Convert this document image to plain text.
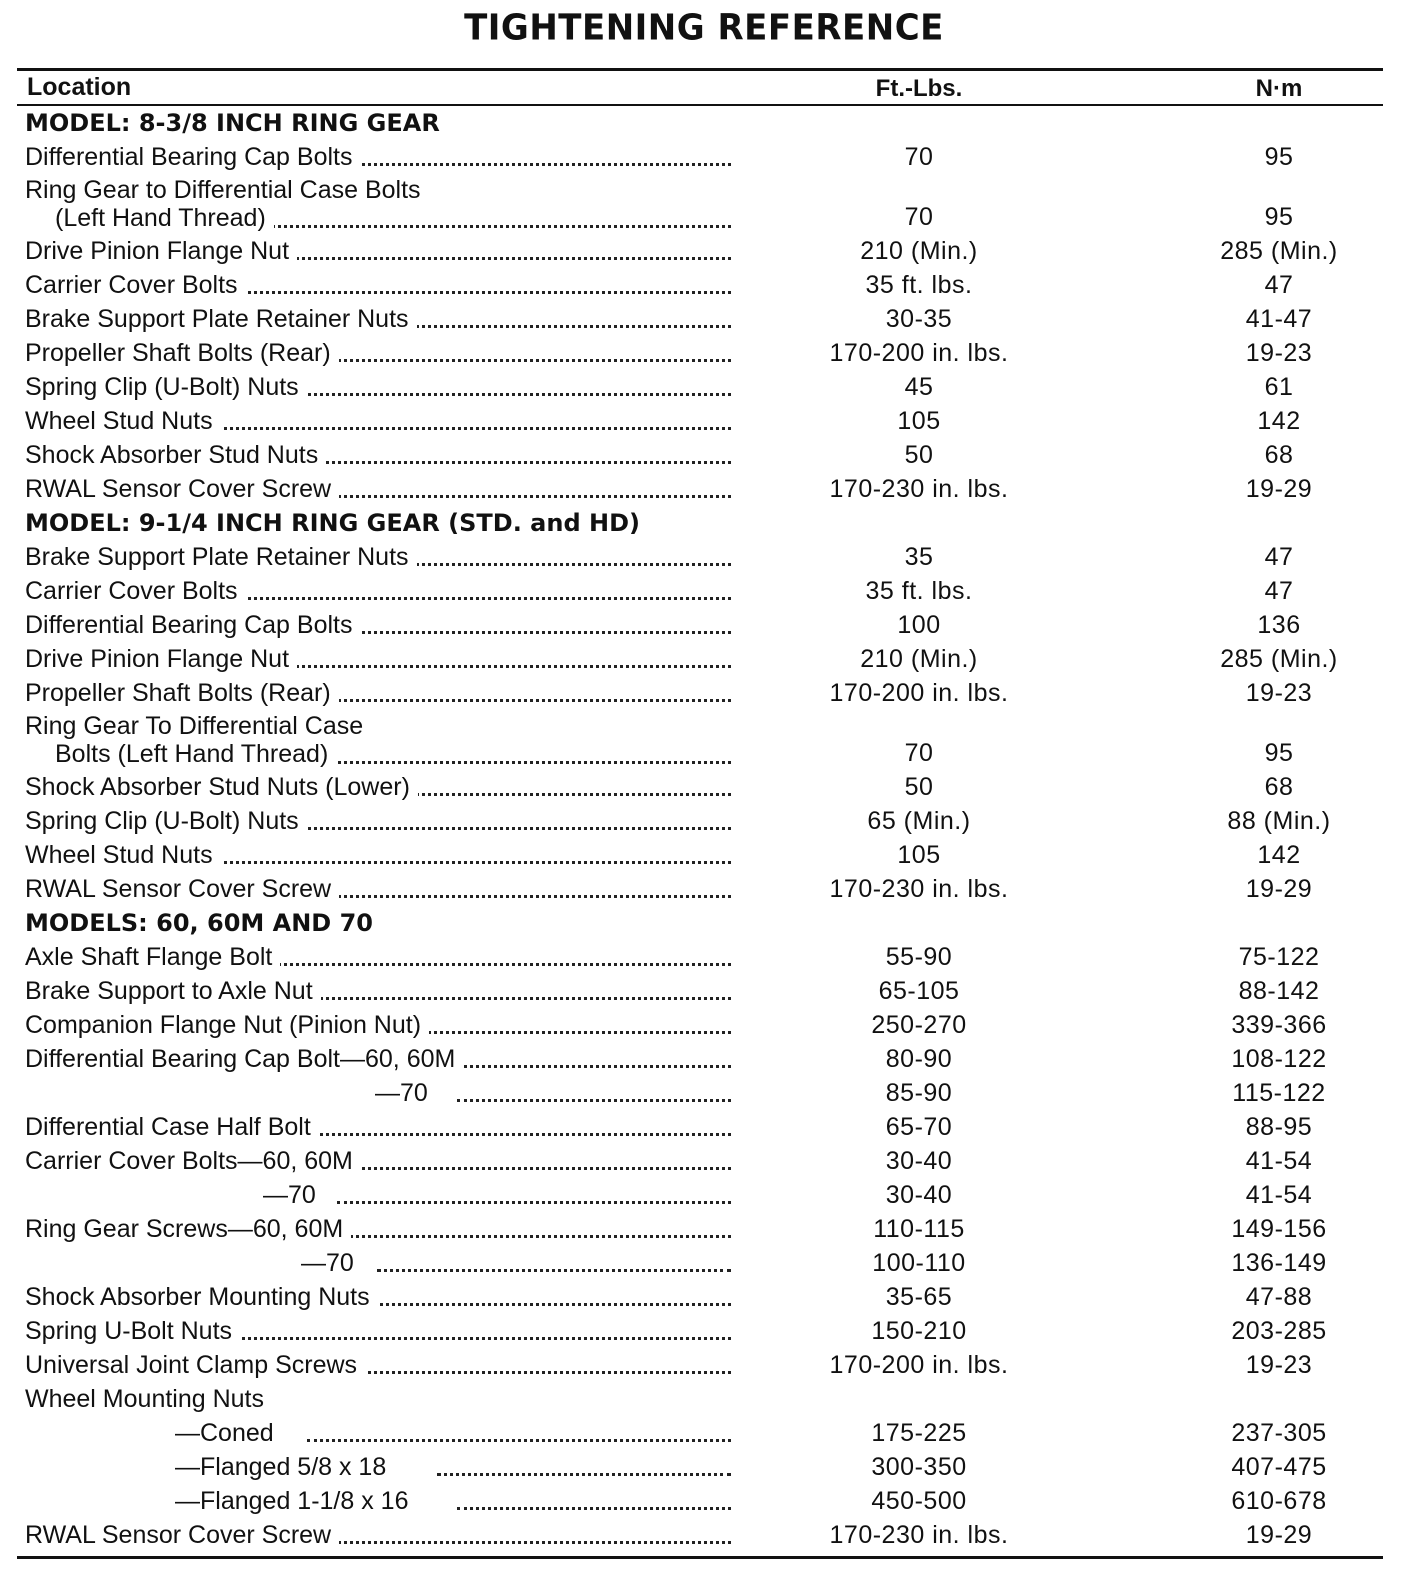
TIGHTENING REFERENCE
Location	Ft.-Lbs.	N·m
MODEL: 8-3/8 INCH RING GEAR
Differential Bearing Cap Bolts	70	95
Ring Gear to Differential Case Bolts
(Left Hand Thread)	70	95
Drive Pinion Flange Nut	210 (Min.)	285 (Min.)
Carrier Cover Bolts	35 ft. lbs.	47
Brake Support Plate Retainer Nuts	30-35	41-47
Propeller Shaft Bolts (Rear)	170-200 in. lbs.	19-23
Spring Clip (U-Bolt) Nuts	45	61
Wheel Stud Nuts	105	142
Shock Absorber Stud Nuts	50	68
RWAL Sensor Cover Screw	170-230 in. lbs.	19-29
MODEL: 9-1/4 INCH RING GEAR (STD. and HD)
Brake Support Plate Retainer Nuts	35	47
Carrier Cover Bolts	35 ft. lbs.	47
Differential Bearing Cap Bolts	100	136
Drive Pinion Flange Nut	210 (Min.)	285 (Min.)
Propeller Shaft Bolts (Rear)	170-200 in. lbs.	19-23
Ring Gear To Differential Case
Bolts (Left Hand Thread)	70	95
Shock Absorber Stud Nuts (Lower)	50	68
Spring Clip (U-Bolt) Nuts	65 (Min.)	88 (Min.)
Wheel Stud Nuts	105	142
RWAL Sensor Cover Screw	170-230 in. lbs.	19-29
MODELS: 60, 60M AND 70
Axle Shaft Flange Bolt	55-90	75-122
Brake Support to Axle Nut	65-105	88-142
Companion Flange Nut (Pinion Nut)	250-270	339-366
Differential Bearing Cap Bolt—60, 60M	80-90	108-122
—70	85-90	115-122
Differential Case Half Bolt	65-70	88-95
Carrier Cover Bolts—60, 60M	30-40	41-54
—70	30-40	41-54
Ring Gear Screws—60, 60M	110-115	149-156
—70	100-110	136-149
Shock Absorber Mounting Nuts	35-65	47-88
Spring U-Bolt Nuts	150-210	203-285
Universal Joint Clamp Screws	170-200 in. lbs.	19-23
Wheel Mounting Nuts
—Coned	175-225	237-305
—Flanged 5/8 x 18	300-350	407-475
—Flanged 1-1/8 x 16	450-500	610-678
RWAL Sensor Cover Screw	170-230 in. lbs.	19-29
